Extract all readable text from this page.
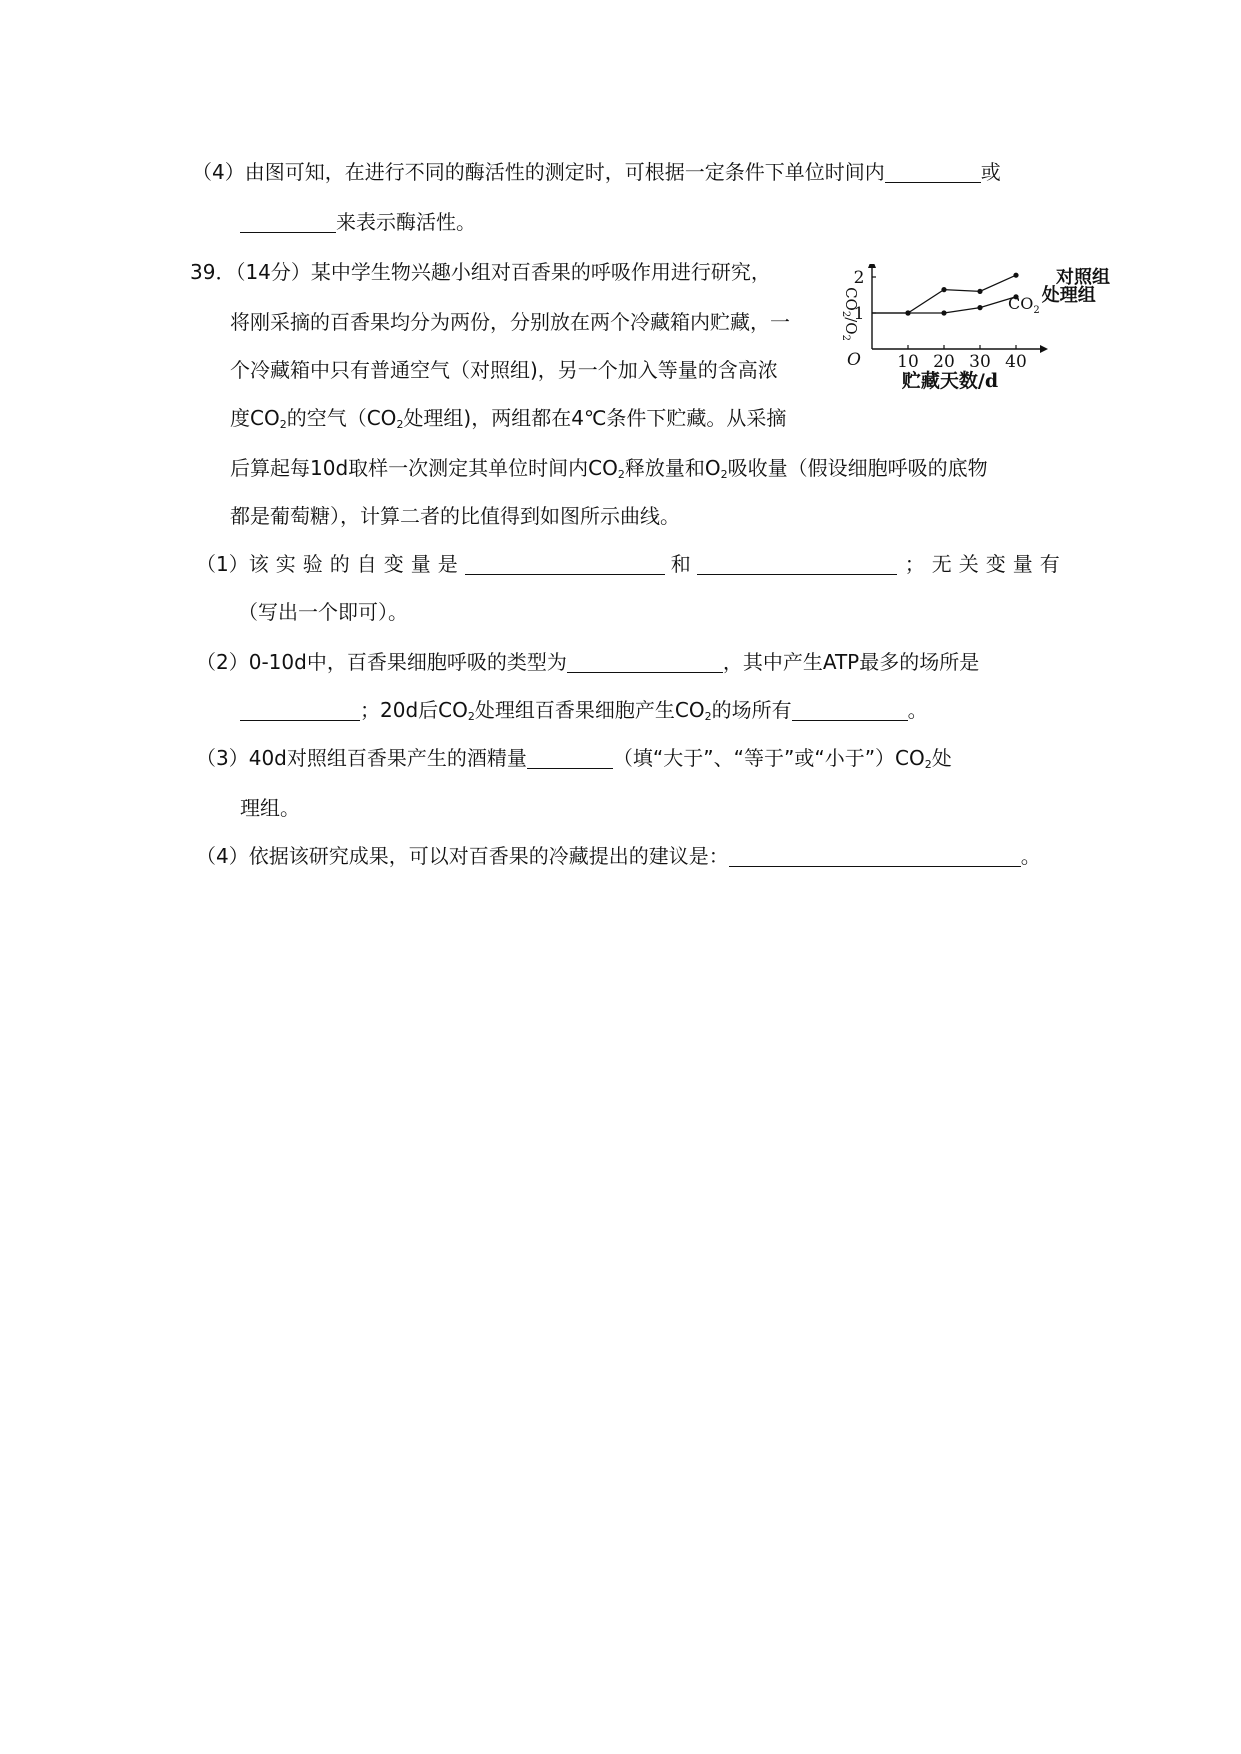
（4）由图可知，在进行不同的酶活性的测定时，可根据一定条件下单位时间内	或
来表示酶活性。
39．（14分）某中学生物兴趣小组对百香果的呼吸作用进行研究，
将刚采摘的百香果均分为两份，分别放在两个冷藏箱内贮藏，一
个冷藏箱中只有普通空气（对照组)，另一个加入等量的含高浓
度$CO_2$的空气（$CO_2$处理组)，两组都在4℃条件下贮藏。从采摘
后算起每10d取样一次测定其单位时间内$CO_2$释放量和$O_2$吸收量（假设细胞呼吸的底物
都是葡萄糖），计算二者的比值得到如图所示曲线。
1
2
10 20 30 40
O
$CO_2/O_2$
贮藏天数/d
对照组
$CO_2$处理组
（1）该实验的自变量是	和	；无关变量有
（写出一个即可）。
（2）0-10d中，百香果细胞呼吸的类型为	，其中产生ATP最多的场所是
；20d后$CO_2$处理组百香果细胞产生$CO_2$的场所有	。
（3）40d对照组百香果产生的酒精量	（填“大于”、“等于”或“小于$”)CO_2$处
理组。
（4）依据该研究成果，可以对百香果的冷藏提出的建议是：	。
